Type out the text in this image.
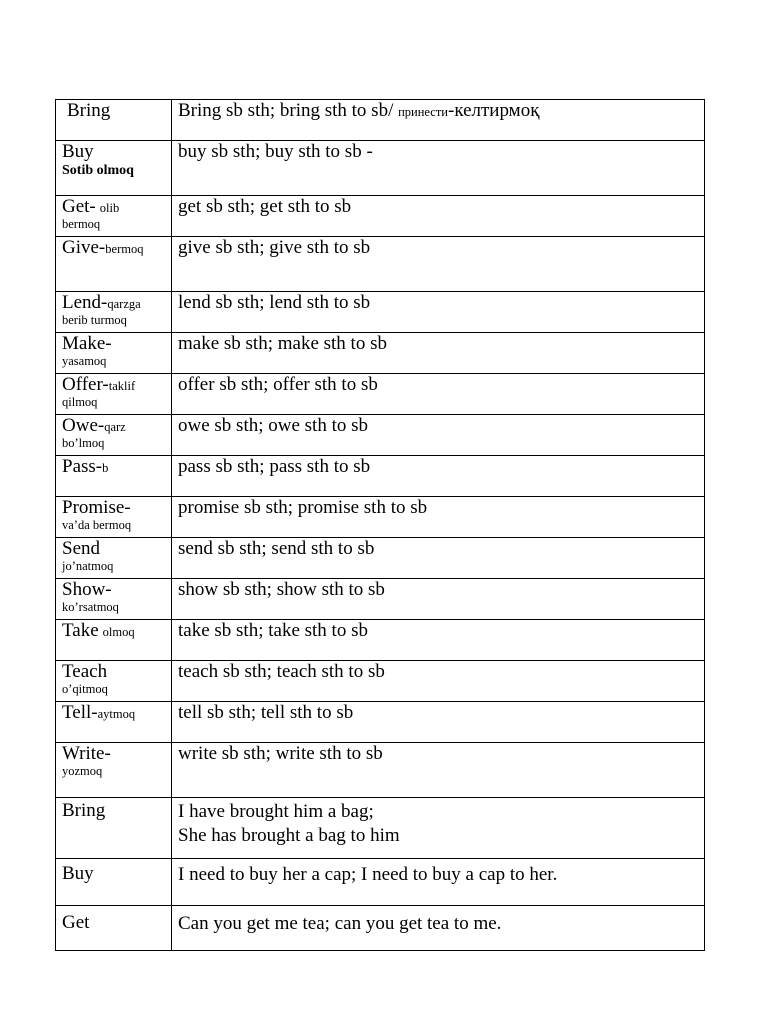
Bring	Bring sb sth; bring sth to sb/ принести-келтирмоқ

Buy
Sotib olmoq	buy sb sth; buy sth to sb -
Get- olib
bermoq	get sb sth; get sth to sb
Give-bermoq	give sb sth; give sth to sb
Lend-qarzga
berib turmoq	lend sb sth; lend sth to sb

Make-
yasamoq	make sb sth; make sth to sb
Offer-taklif
qilmoq	offer sb sth; offer sth to sb
Owe-qarz
bo’lmoq	owe sb sth; owe sth to sb
Pass-b	pass sb sth; pass sth to sb

Promise-
va’da bermoq	promise sb sth; promise sth to sb

Send
jo’natmoq	send sb sth; send sth to sb

Show-
ko’rsatmoq	show sb sth; show sth to sb
Take olmoq	take sb sth; take sth to sb

Teach
o’qitmoq	teach sb sth; teach sth to sb
Tell-aytmoq	tell sb sth; tell sth to sb

Write-
yozmoq	write sb sth; write sth to sb
Bring	I have brought him a bag;
She has brought a bag to him

Buy	I need to buy her a cap; I need to buy a cap to her.

Get	Can you get me tea; can you get tea to me.
